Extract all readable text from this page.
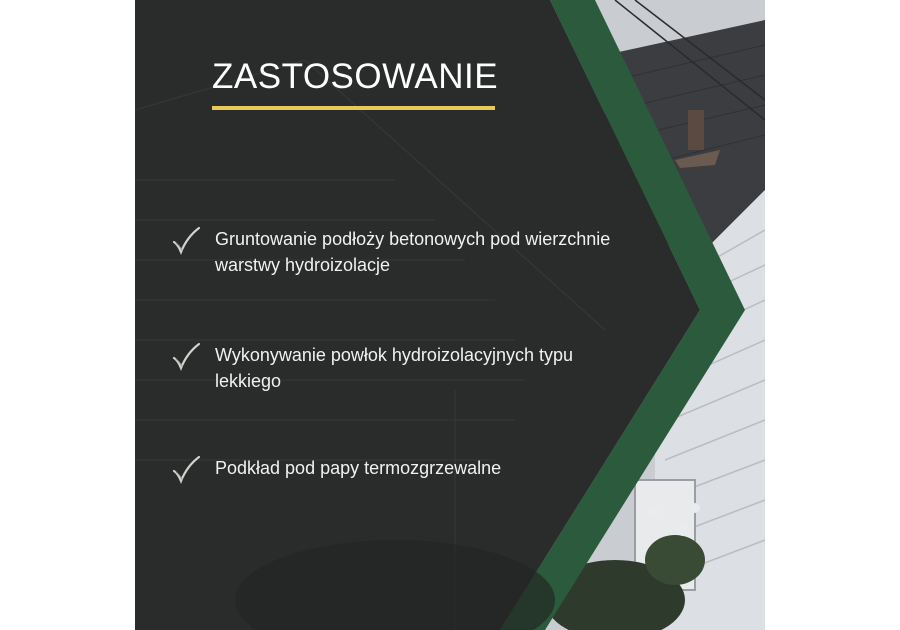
ZASTOSOWANIE

Gruntowanie podłoży betonowych pod wierzchnie warstwy hydroizolacje

Wykonywanie powłok hydroizolacyjnych typu lekkiego

Podkład pod papy termozgrzewalne
